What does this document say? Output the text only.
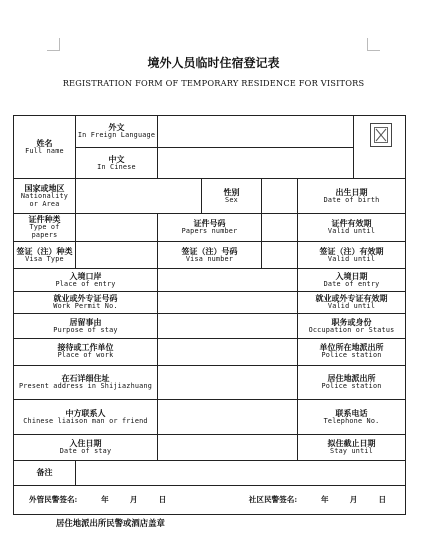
境外人员临时住宿登记表
REGISTRATION FORM OF TEMPORARY RESIDENCE FOR VISITORS
姓名
Full name	外文
In Freign Language

	中文
In Cinese					

国家或地区
Nationality or Area			性别
Sex		出生日期
Date of birth	

证件种类
Type of papers		证件号码
Papers number			证件有效期
Valid until	

签证（注）种类
Visa Type		签证（注）号码
Visa number			签证（注）有效期
Valid until	

入境口岸
Place of entry					入境日期
Date of entry	

就业或外专证号码
Work Permit No.					就业或外专证有效期
Valid until	

居留事由
Purpose of stay					职务或身份
Occupation or Status	

接待或工作单位
Place of work					单位所在地派出所
Police station	

在石详细住址
Present address in Shijiazhuang					居住地派出所
Police station	

中方联系人
Chinese liaison man or friend					联系电话
Telephone No.	

入住日期
Date of stay					拟住截止日期
Stay until	

备注						

外管民警签名: 年 月 日 社区民警签名: 年 月 日						
居住地派出所民警或酒店盖章
